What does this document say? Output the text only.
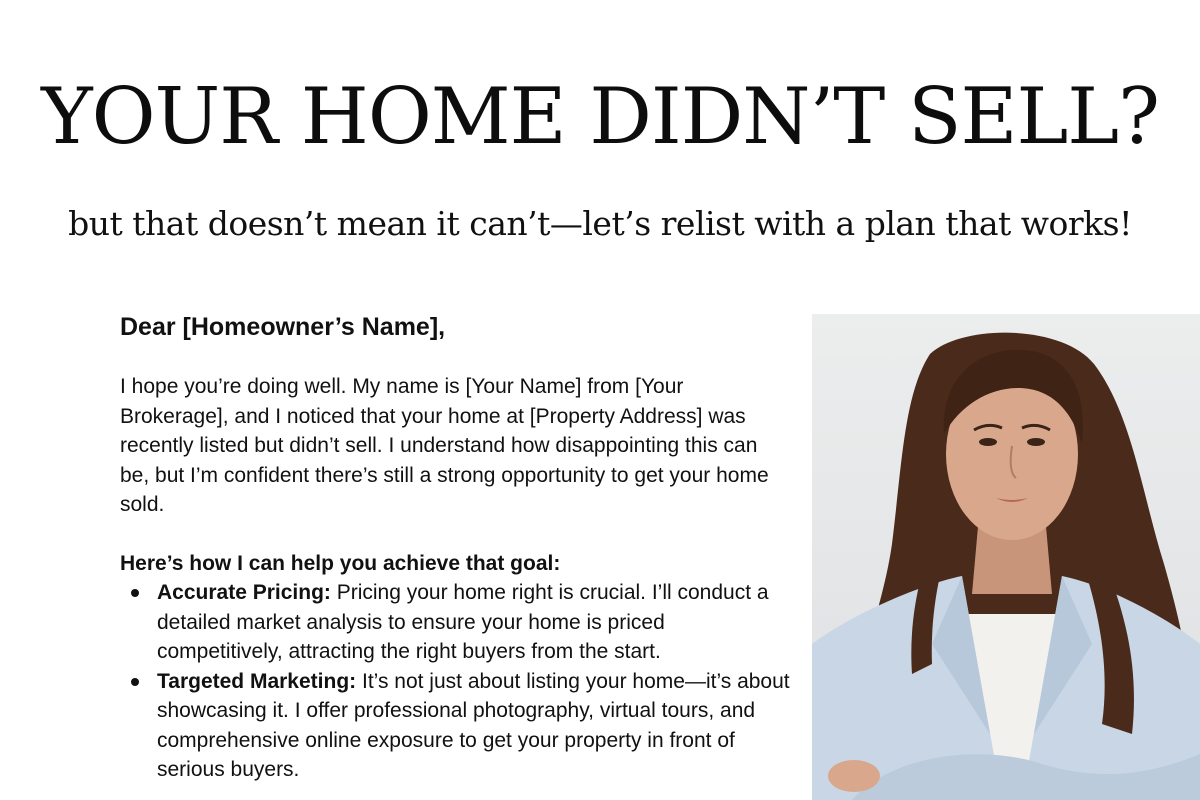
YOUR HOME DIDN’T SELL?

but that doesn’t mean it can’t—let’s relist with a plan that works!

Dear [Homeowner’s Name],

I hope you’re doing well. My name is [Your Name] from [Your Brokerage], and I noticed that your home at [Property Address] was recently listed but didn’t sell. I understand how disappointing this can be, but I’m confident there’s still a strong opportunity to get your home sold.

Here’s how I can help you achieve that goal:

Accurate Pricing: Pricing your home right is crucial. I’ll conduct a detailed market analysis to ensure your home is priced competitively, attracting the right buyers from the start.
Targeted Marketing: It’s not just about listing your home—it’s about showcasing it. I offer professional photography, virtual tours, and comprehensive online exposure to get your property in front of serious buyers.
